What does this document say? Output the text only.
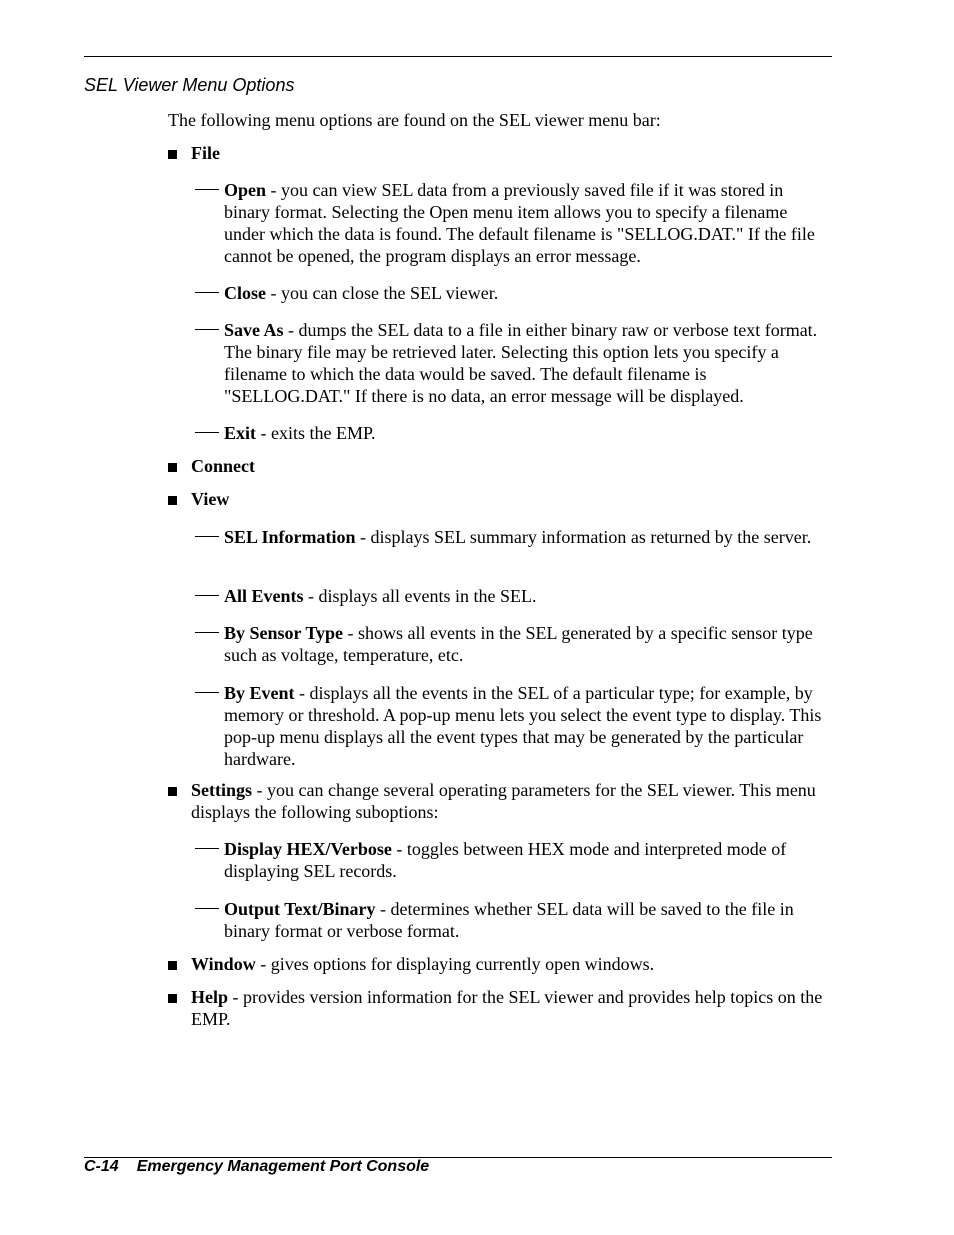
SEL Viewer Menu Options
The following menu options are found on the SEL viewer menu bar:
File
Open - you can view SEL data from a previously saved file if it was stored in binary format. Selecting the Open menu item allows you to specify a filename under which the data is found. The default filename is "SELLOG.DAT." If the file cannot be opened, the program displays an error message.
Close - you can close the SEL viewer.
Save As - dumps the SEL data to a file in either binary raw or verbose text format. The binary file may be retrieved later. Selecting this option lets you specify a filename to which the data would be saved. The default filename is "SELLOG.DAT." If there is no data, an error message will be displayed.
Exit - exits the EMP.
Connect
View
SEL Information - displays SEL summary information as returned by the server.
All Events - displays all events in the SEL.
By Sensor Type - shows all events in the SEL generated by a specific sensor type such as voltage, temperature, etc.
By Event - displays all the events in the SEL of a particular type; for example, by memory or threshold. A pop-up menu lets you select the event type to display. This pop-up menu displays all the event types that may be generated by the particular hardware.
Settings - you can change several operating parameters for the SEL viewer. This menu displays the following suboptions:
Display HEX/Verbose - toggles between HEX mode and interpreted mode of displaying SEL records.
Output Text/Binary - determines whether SEL data will be saved to the file in binary format or verbose format.
Window - gives options for displaying currently open windows.
Help - provides version information for the SEL viewer and provides help topics on the EMP.
C-14 Emergency Management Port Console
